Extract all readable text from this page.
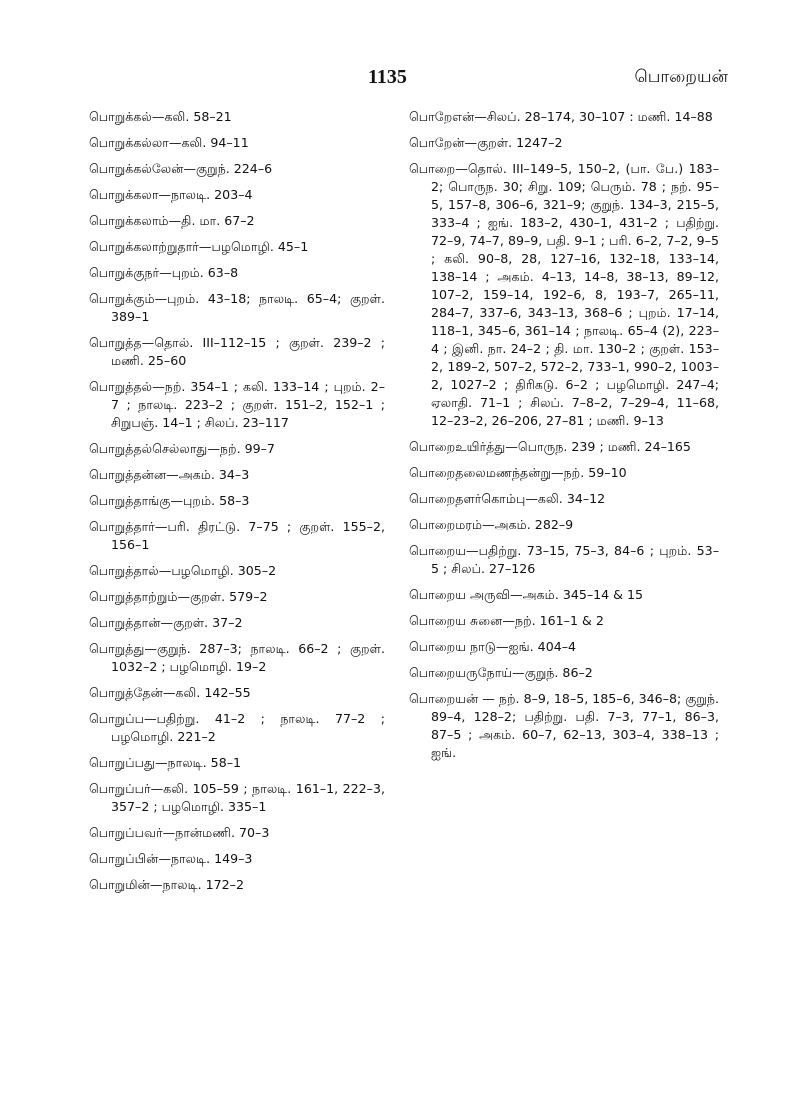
1135	பொறையன்

பொறுக்கல்—கலி. 58–21

பொறுக்கல்லா—கலி. 94–11

பொறுக்கல்லேன்—குறுந். 224–6

பொறுக்கலா—நாலடி. 203–4

பொறுக்கலாம்—தி. மா. 67–2

பொறுக்கலாற்றுதார்—பழமொழி. 45–1

பொறுக்குநர்—புறம். 63–8

பொறுக்கும்—புறம். 43–18; நாலடி. 65–4; குறள். 389–1

பொறுத்த—தொல். III–112–15 ; குறள். 239–2 ; மணி. 25–60

பொறுத்தல்—நற். 354–1 ; கலி. 133–14 ; புறம். 2–7 ; நாலடி. 223–2 ; குறள். 151–2, 152–1 ; சிறுபஞ். 14–1 ; சிலப். 23–117

பொறுத்தல்செல்லாது—நற். 99–7

பொறுத்தன்ன—அகம். 34–3

பொறுத்தாங்கு—புறம். 58–3

பொறுத்தார்—பரி. திரட்டு. 7–75 ; குறள். 155–2, 156–1

பொறுத்தால்—பழமொழி. 305–2

பொறுத்தாற்றும்—குறள். 579–2

பொறுத்தான்—குறள். 37–2

பொறுத்து—குறுந். 287–3; நாலடி. 66–2 ; குறள். 1032–2 ; பழமொழி. 19–2

பொறுத்தேன்—கலி. 142–55

பொறுப்ப—பதிற்று. 41–2 ; நாலடி. 77–2 ; பழமொழி. 221–2

பொறுப்பது—நாலடி. 58–1

பொறுப்பர்—கலி. 105–59 ; நாலடி. 161–1, 222–3, 357–2 ; பழமொழி. 335–1

பொறுப்பவர்—நான்மணி. 70–3

பொறுப்பின்—நாலடி. 149–3

பொறுமின்—நாலடி. 172–2

பொறேஎன்—சிலப். 28–174, 30–107 : மணி. 14–88

பொறேன்—குறள். 1247–2

பொறை—தொல். III–149–5, 150–2, (பா. பே.) 183–2; பொருந. 30; சிறு. 109; பெரும். 78 ; நற். 95–5, 157–8, 306–6, 321–9; குறுந். 134–3, 215–5, 333–4 ; ஐங். 183–2, 430–1, 431–2 ; பதிற்று. 72–9, 74–7, 89–9, பதி. 9–1 ; பரி. 6–2, 7–2, 9–5 ; கலி. 90–8, 28, 127–16, 132–18, 133–14, 138–14 ; அகம். 4–13, 14–8, 38–13, 89–12, 107–2, 159–14, 192–6, 8, 193–7, 265–11, 284–7, 337–6, 343–13, 368–6 ; புறம். 17–14, 118–1, 345–6, 361–14 ; நாலடி. 65–4 (2), 223–4 ; இனி. நா. 24–2 ; தி. மா. 130–2 ; குறள். 153–2, 189–2, 507–2, 572–2, 733–1, 990–2, 1003–2, 1027–2 ; திரிகடு. 6–2 ; பழமொழி. 247–4; ஏலாதி. 71–1 ; சிலப். 7–8–2, 7–29–4, 11–68, 12–23–2, 26–206, 27–81 ; மணி. 9–13

பொறைஉயிர்த்து—பொருந. 239 ; மணி. 24–165

பொறைதலைமணந்தன்று—நற். 59–10

பொறைதளர்கொம்பு—கலி. 34–12

பொறைமரம்—அகம். 282–9

பொறைய—பதிற்று. 73–15, 75–3, 84–6 ; புறம். 53–5 ; சிலப். 27–126

பொறைய அருவி—அகம். 345–14 & 15

பொறைய சுனை—நற். 161–1 & 2

பொறைய நாடு—ஐங். 404–4

பொறையருநோய்—குறுந். 86–2

பொறையன் — நற். 8–9, 18–5, 185–6, 346–8; குறுந். 89–4, 128–2; பதிற்று. பதி. 7–3, 77–1, 86–3, 87–5 ; அகம். 60–7, 62–13, 303–4, 338–13 ; ஐங்.
